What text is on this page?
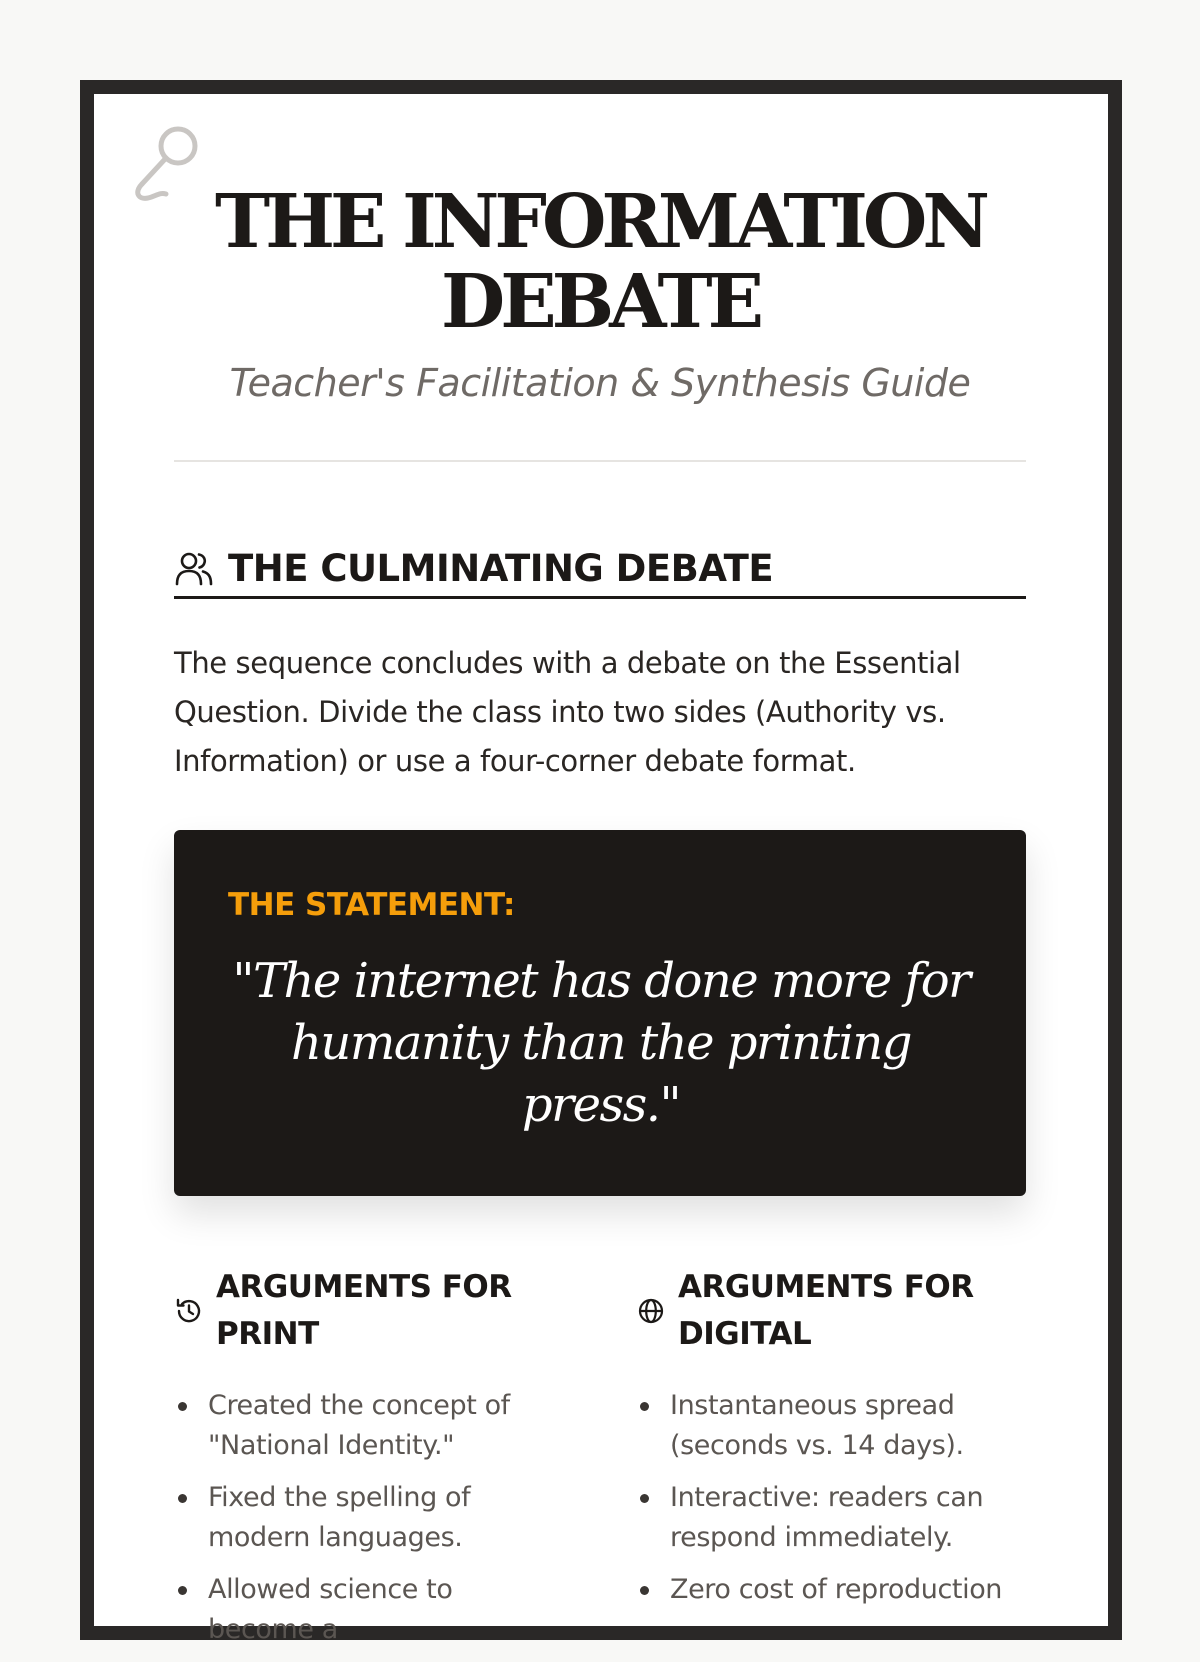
THE INFORMATION DEBATE
Teacher's Facilitation & Synthesis Guide
THE CULMINATING DEBATE

The sequence concludes with a debate on the Essential Question. Divide the class into two sides (Authority vs. Information) or use a four-corner debate format.

THE STATEMENT:
"The internet has done more for humanity than the printing press."
ARGUMENTS FOR PRINT
Created the concept of "National Identity."
Fixed the spelling of modern languages.
Allowed science to become a
ARGUMENTS FOR DIGITAL
Instantaneous spread (seconds vs. 14 days).
Interactive: readers can respond immediately.
Zero cost of reproduction
